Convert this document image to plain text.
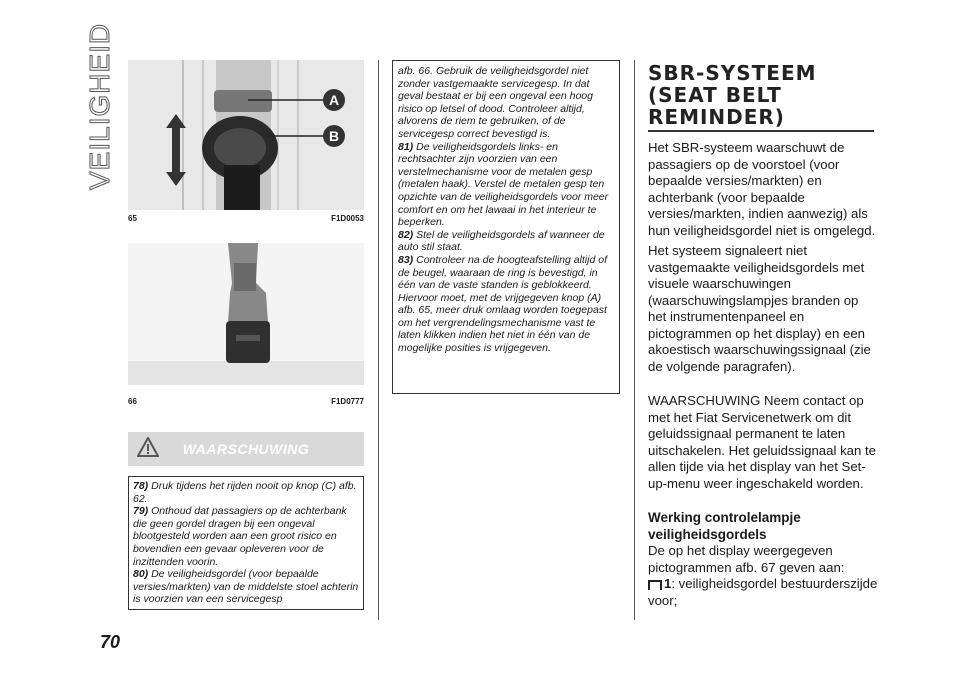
VEILIGHEID
70
A
B
65	F1D0053
66	F1D0777
WAARSCHUWING
78) Druk tijdens het rijden nooit op knop (C) afb. 62.
79) Onthoud dat passagiers op de achterbank die geen gordel dragen bij een ongeval blootgesteld worden aan een groot risico en bovendien een gevaar opleveren voor de inzittenden voorin.
80) De veiligheidsgordel (voor bepaalde versies/markten) van de middelste stoel achterin is voorzien van een servicegesp
afb. 66. Gebruik de veiligheidsgordel niet zonder vastgemaakte servicegesp. In dat geval bestaat er bij een ongeval een hoog risico op letsel of dood. Controleer altijd, alvorens de riem te gebruiken, of de servicegesp correct bevestigd is.
81) De veiligheidsgordels links- en rechtsachter zijn voorzien van een verstelmechanisme voor de metalen gesp (metalen haak). Verstel de metalen gesp ten opzichte van de veiligheidsgordels voor meer comfort en om het lawaai in het interieur te beperken.
82) Stel de veiligheidsgordels af wanneer de auto stil staat.
83) Controleer na de hoogteafstelling altijd of de beugel, waaraan de ring is bevestigd, in één van de vaste standen is geblokkeerd. Hiervoor moet, met de vrijgegeven knop (A) afb. 65, meer druk omlaag worden toegepast om het vergrendelingsmechanisme vast te laten klikken indien het niet in één van de mogelijke posities is vrijgegeven.
SBR-SYSTEEM
(SEAT BELT
REMINDER)

Het SBR-systeem waarschuwt de passagiers op de voorstoel (voor bepaalde versies/markten) en achterbank (voor bepaalde versies/markten, indien aanwezig) als hun veiligheidsgordel niet is omgelegd.

Het systeem signaleert niet vastgemaakte veiligheidsgordels met visuele waarschuwingen (waarschuwingslampjes branden op het instrumentenpaneel en pictogrammen op het display) en een akoestisch waarschuwingssignaal (zie de volgende paragrafen).

WAARSCHUWING Neem contact op met het Fiat Servicenetwerk om dit geluidssignaal permanent te laten uitschakelen. Het geluidssignaal kan te allen tijde via het display van het Set-up-menu weer ingeschakeld worden.

Werking controlelampje veiligheidsgordels

De op het display weergegeven pictogrammen afb. 67 geven aan:

1: veiligheidsgordel bestuurderszijde voor;
